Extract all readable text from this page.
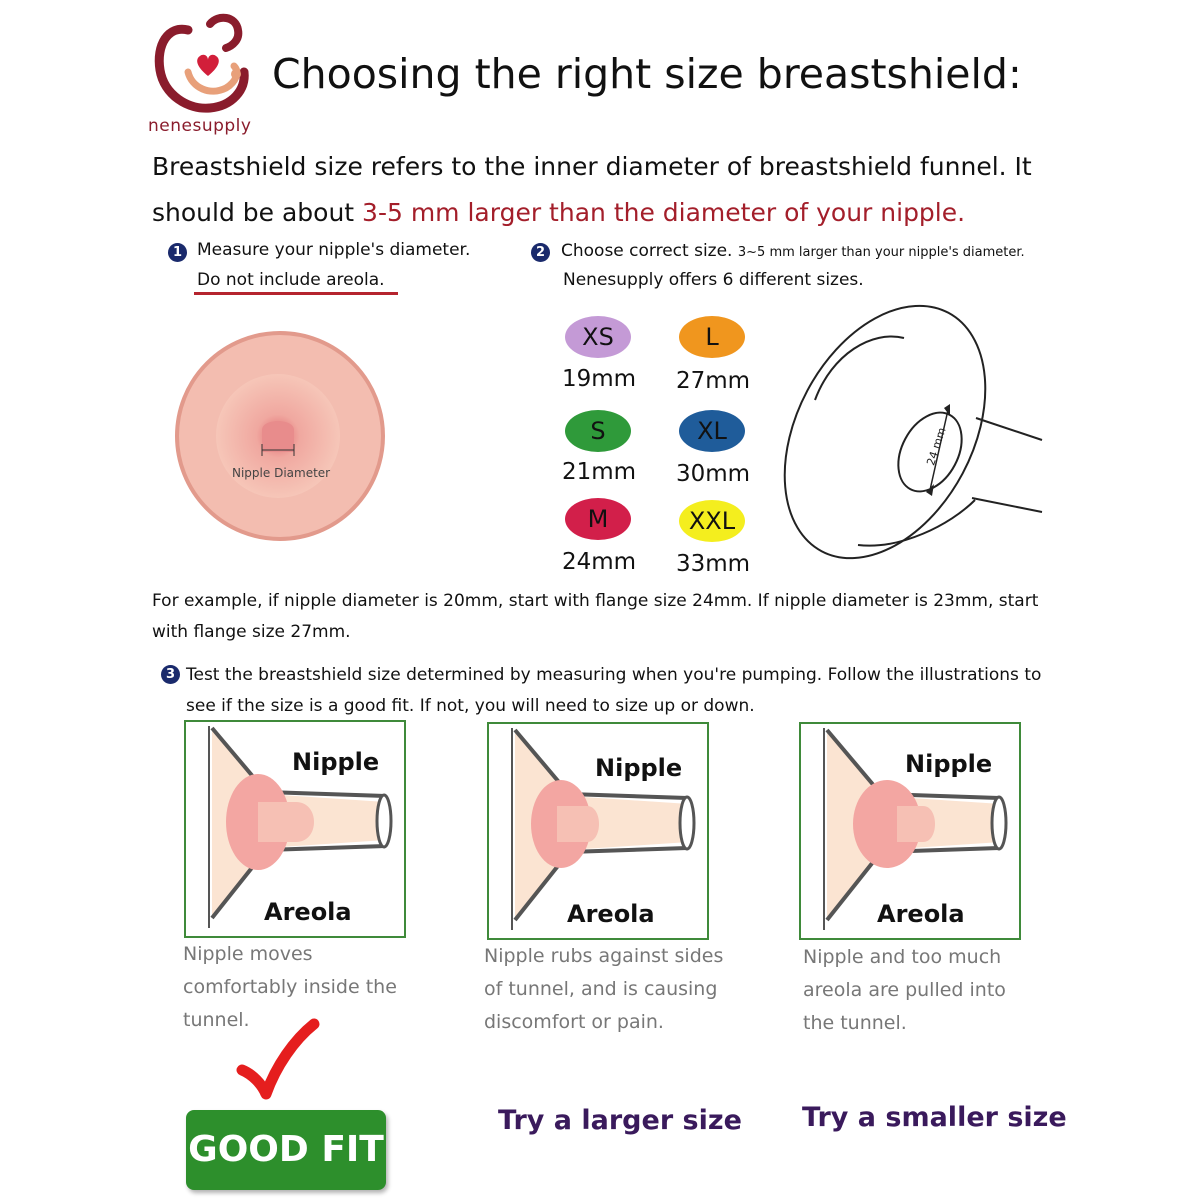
nenesupply
Choosing the right size breastshield:
Breastshield size refers to the inner diameter of breastshield funnel. It should be about 3-5 mm larger than the diameter of your nipple.
1 Measure your nipple's diameter.
Do not include areola.
Nipple Diameter
2 Choose correct size. 3~5 mm larger than your nipple's diameter.
Nenesupply offers 6 different sizes.
XS
19mm
L
27mm
S
21mm
XL
30mm
M
24mm
XXL
33mm
24 mm
For example, if nipple diameter is 20mm, start with flange size 24mm. If nipple diameter is 23mm, start with flange size 27mm.
3 Test the breastshield size determined by measuring when you're pumping. Follow the illustrations to see if the size is a good fit. If not, you will need to size up or down.
Nipple
Areola
Nipple
Areola
Nipple
Areola
Nipple moves comfortably inside the tunnel.
Nipple rubs against sides of tunnel, and is causing discomfort or pain.
Nipple and too much areola are pulled into the tunnel.
GOOD FIT
Try a larger size Try a smaller size
